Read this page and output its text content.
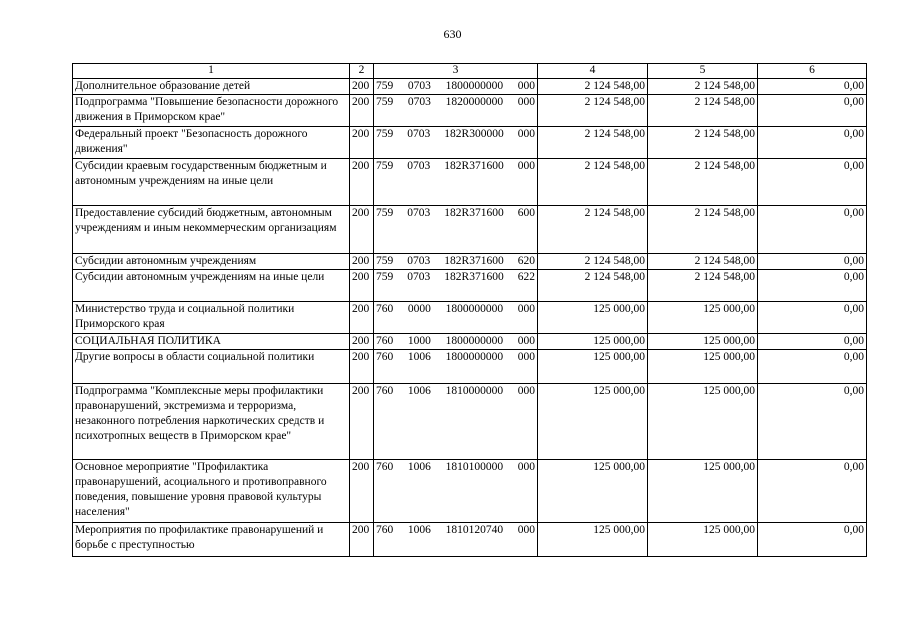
630
1	2	3	4	5	6
Дополнительное образование детей	200	759 0703 1800000000 000	2 124 548,00	2 124 548,00	0,00
Подпрограмма "Повышение безопасности дорожного движения в Приморском крае"	200	759 0703 1820000000 000	2 124 548,00	2 124 548,00	0,00
Федеральный проект "Безопасность дорожного движения"	200	759 0703 182R300000 000	2 124 548,00	2 124 548,00	0,00
Субсидии краевым государственным бюджетным и автономным учреждениям на иные цели	200	759 0703 182R371600 000	2 124 548,00	2 124 548,00	0,00
Предоставление субсидий бюджетным, автономным учреждениям и иным некоммерческим организациям	200	759 0703 182R371600 600	2 124 548,00	2 124 548,00	0,00
Субсидии автономным учреждениям	200	759 0703 182R371600 620	2 124 548,00	2 124 548,00	0,00
Субсидии автономным учреждениям на иные цели	200	759 0703 182R371600 622	2 124 548,00	2 124 548,00	0,00
Министерство труда и социальной политики Приморского края	200	760 0000 1800000000 000	125 000,00	125 000,00	0,00
СОЦИАЛЬНАЯ ПОЛИТИКА	200	760 1000 1800000000 000	125 000,00	125 000,00	0,00
Другие вопросы в области социальной политики	200	760 1006 1800000000 000	125 000,00	125 000,00	0,00
Подпрограмма "Комплексные меры профилактики правонарушений, экстремизма и терроризма, незаконного потребления наркотических средств и психотропных веществ в Приморском крае"	200	760 1006 1810000000 000	125 000,00	125 000,00	0,00
Основное мероприятие "Профилактика правонарушений, асоциального и противоправного поведения, повышение уровня правовой культуры населения"	200	760 1006 1810100000 000	125 000,00	125 000,00	0,00
Мероприятия по профилактике правонарушений и борьбе с преступностью	200	760 1006 1810120740 000	125 000,00	125 000,00	0,00
